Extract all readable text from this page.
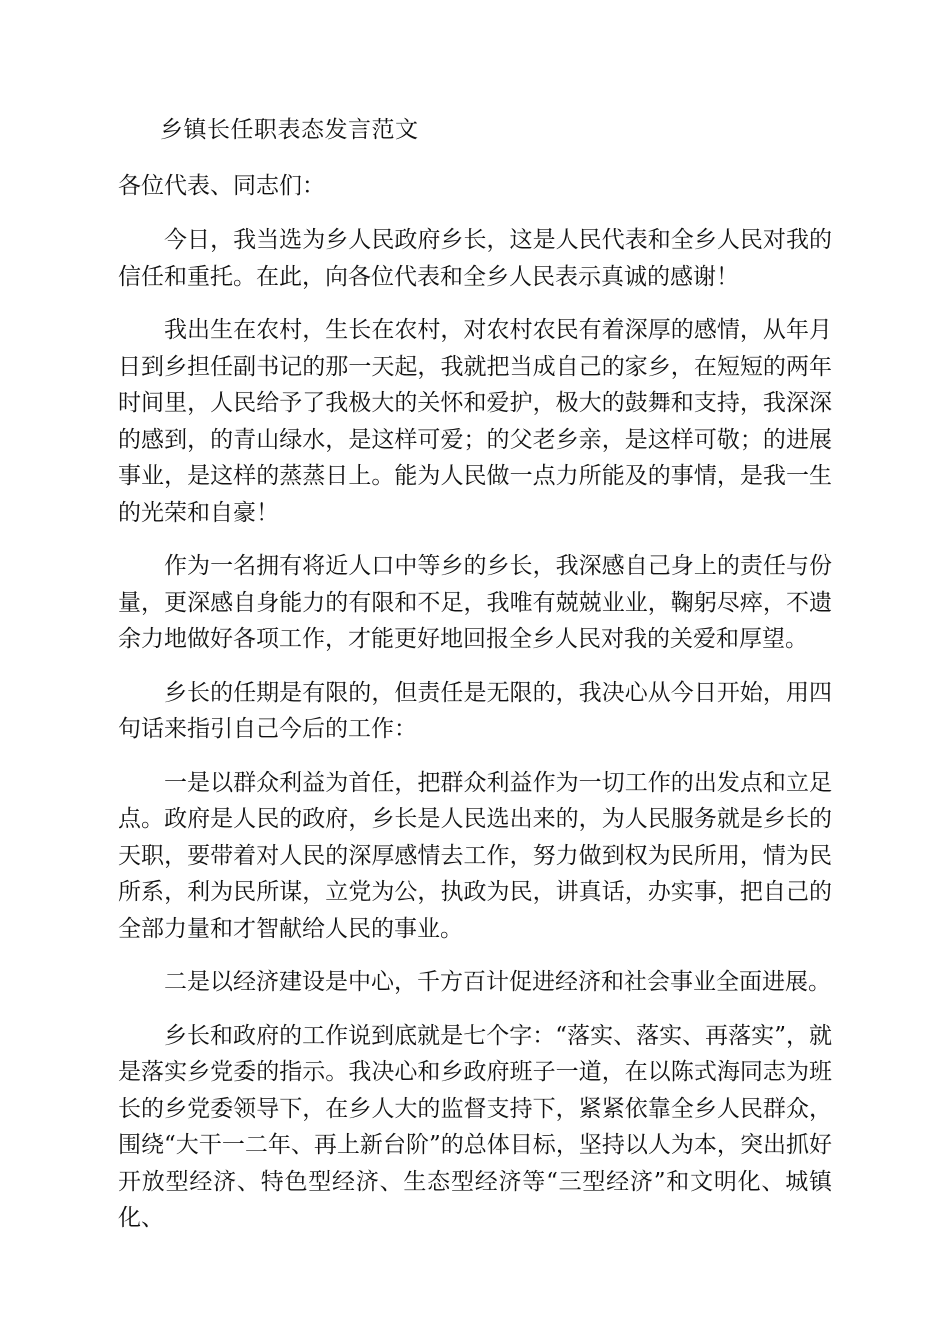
乡镇长任职表态发言范文
各位代表、同志们：

今日，我当选为乡人民政府乡长，这是人民代表和全乡人民对我的信任和重托。在此，向各位代表和全乡人民表示真诚的感谢！

我出生在农村，生长在农村，对农村农民有着深厚的感情，从年月日到乡担任副书记的那一天起，我就把当成自己的家乡，在短短的两年时间里，人民给予了我极大的关怀和爱护，极大的鼓舞和支持，我深深的感到，的青山绿水，是这样可爱；的父老乡亲，是这样可敬；的进展事业，是这样的蒸蒸日上。能为人民做一点力所能及的事情，是我一生的光荣和自豪！

作为一名拥有将近人口中等乡的乡长，我深感自己身上的责任与份量，更深感自身能力的有限和不足，我唯有兢兢业业，鞠躬尽瘁，不遗余力地做好各项工作，才能更好地回报全乡人民对我的关爱和厚望。

乡长的任期是有限的，但责任是无限的，我决心从今日开始，用四句话来指引自己今后的工作：

一是以群众利益为首任，把群众利益作为一切工作的出发点和立足点。政府是人民的政府，乡长是人民选出来的，为人民服务就是乡长的天职，要带着对人民的深厚感情去工作，努力做到权为民所用，情为民所系，利为民所谋，立党为公，执政为民，讲真话，办实事，把自己的全部力量和才智献给人民的事业。

二是以经济建设是中心，千方百计促进经济和社会事业全面进展。

乡长和政府的工作说到底就是七个字：“落实、落实、再落实”，就是落实乡党委的指示。我决心和乡政府班子一道，在以陈式海同志为班长的乡党委领导下，在乡人大的监督支持下，紧紧依靠全乡人民群众，围绕“大干一二年、再上新台阶”的总体目标，坚持以人为本，突出抓好开放型经济、特色型经济、生态型经济等“三型经济”和文明化、城镇化、
